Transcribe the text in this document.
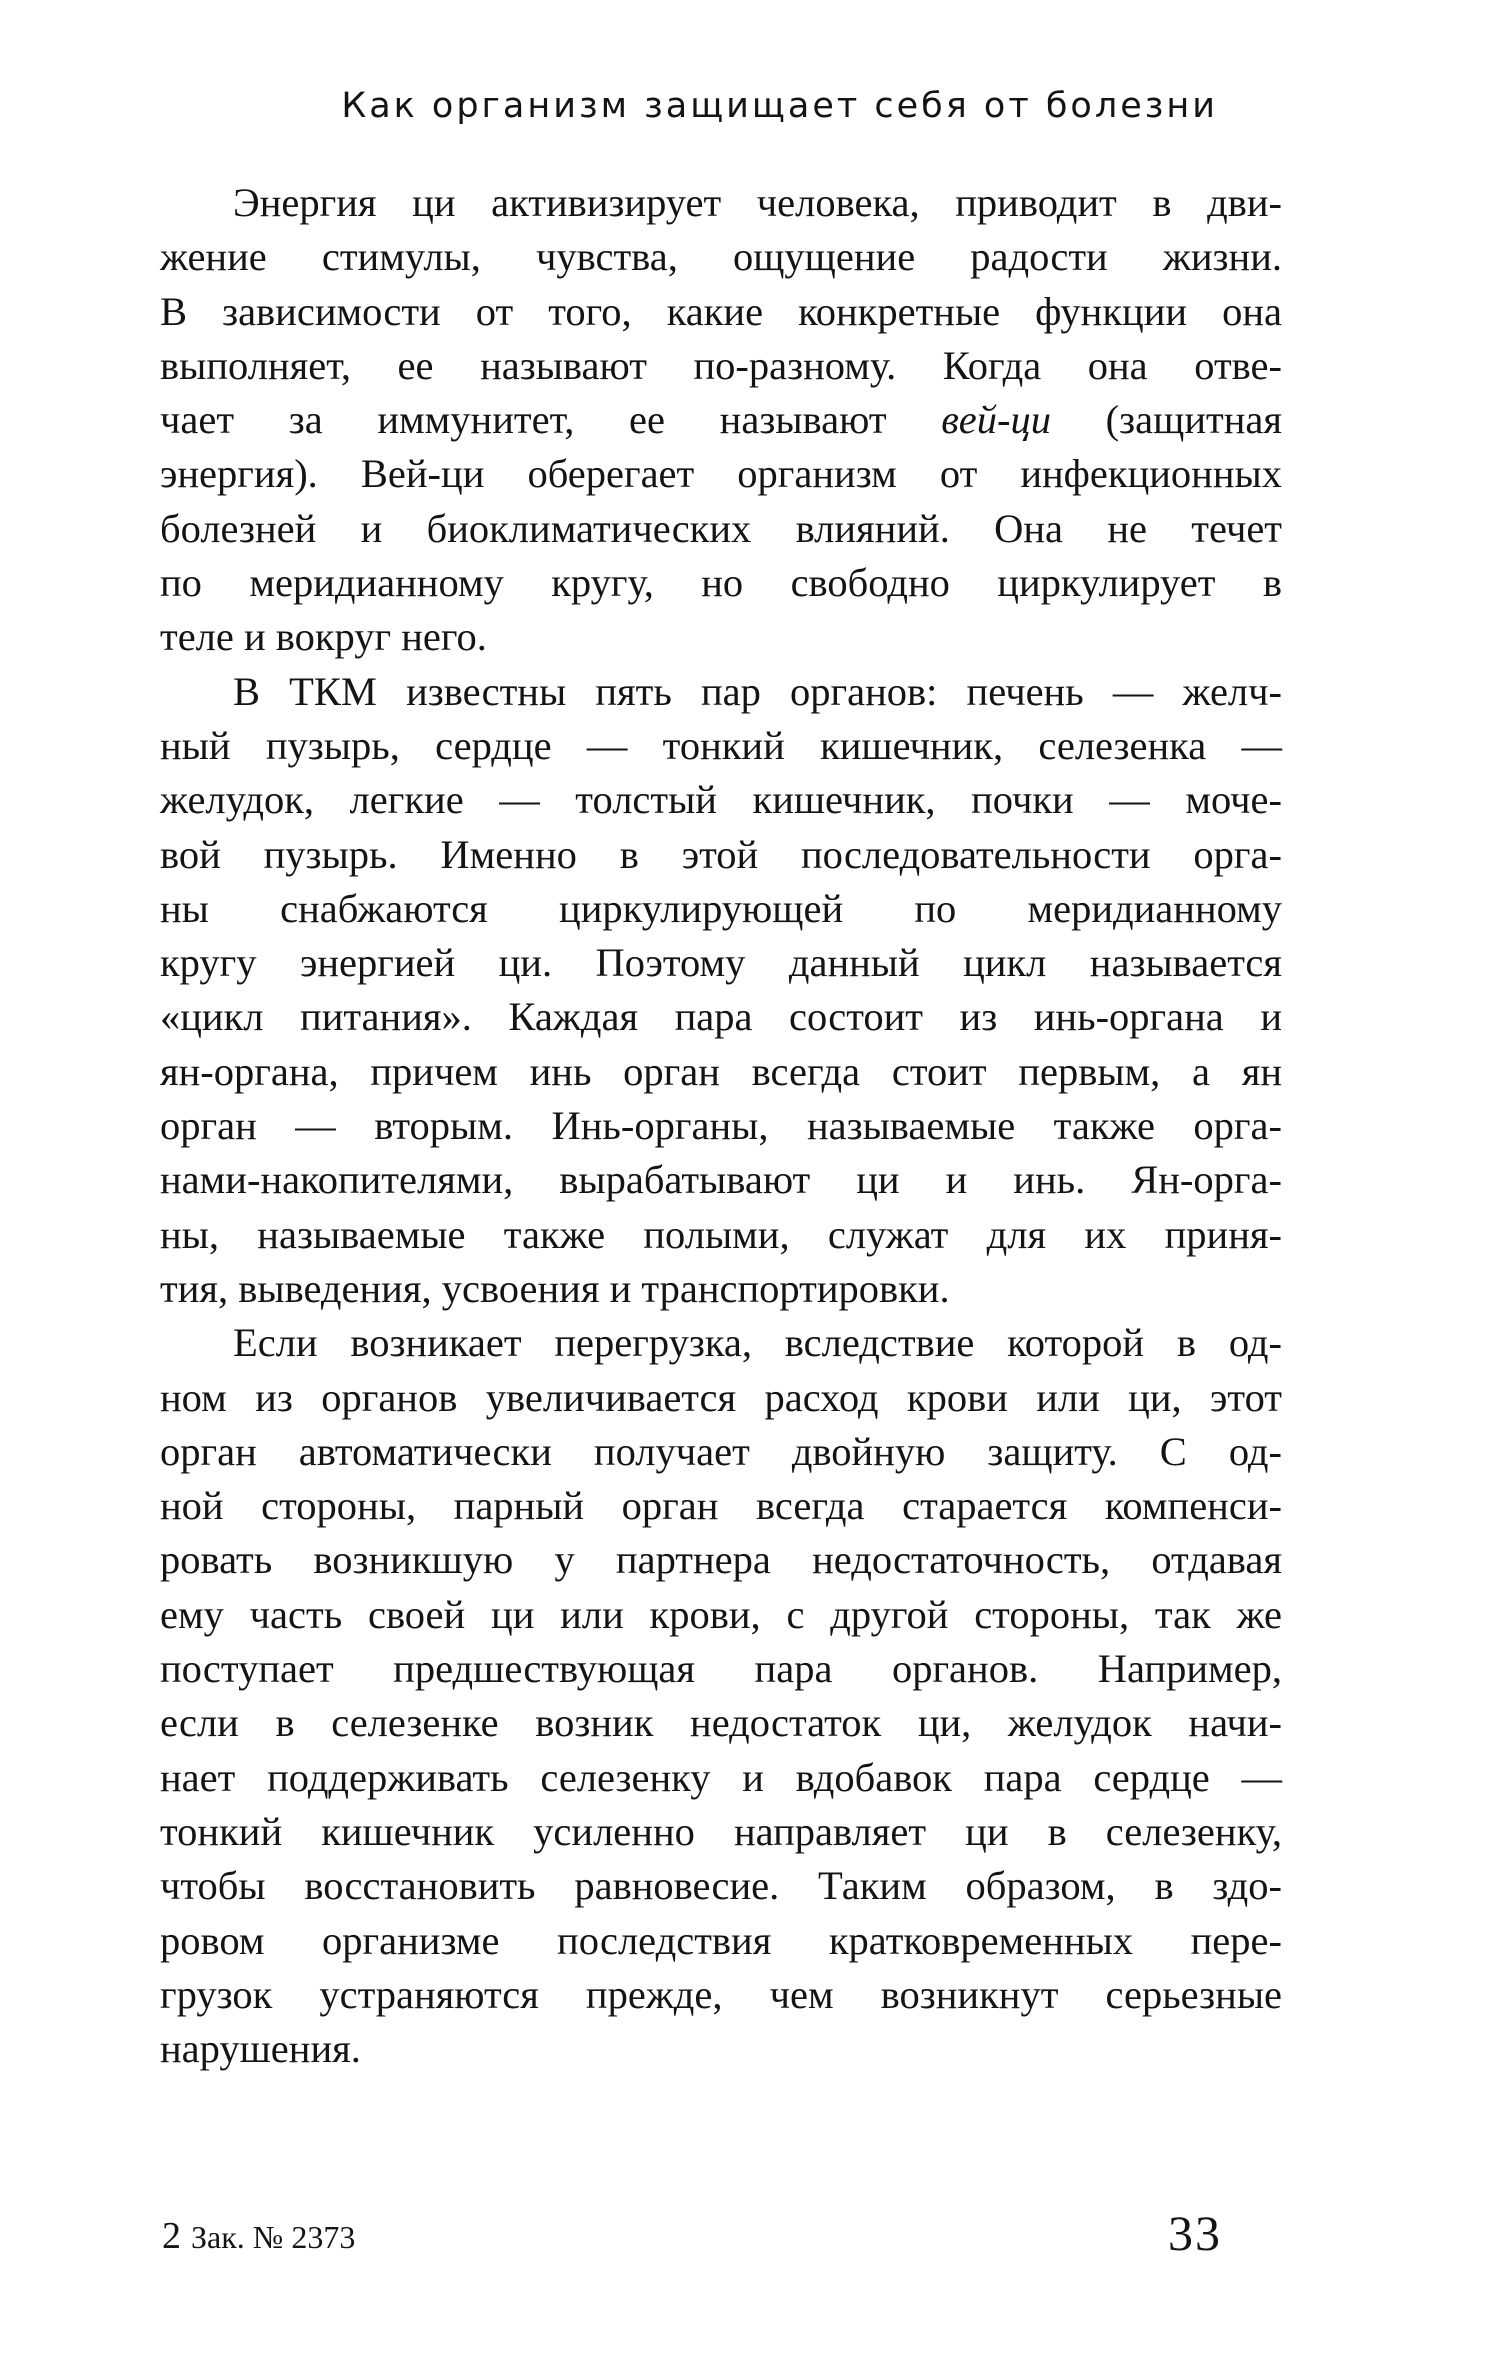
Как организм защищает себя от болезни
Энергия ци активизирует человека, приводит в дви-
жение стимулы, чувства, ощущение радости жизни.
В зависимости от того, какие конкретные функции она
выполняет, ее называют по-разному. Когда она отве-
чает за иммунитет, ее называют вей-ци (защитная
энергия). Вей-ци оберегает организм от инфекционных
болезней и биоклиматических влияний. Она не течет
по меридианному кругу, но свободно циркулирует в
теле и вокруг него.
В ТКМ известны пять пар органов: печень — желч-
ный пузырь, сердце — тонкий кишечник, селезенка —
желудок, легкие — толстый кишечник, почки — моче-
вой пузырь. Именно в этой последовательности орга-
ны снабжаются циркулирующей по меридианному
кругу энергией ци. Поэтому данный цикл называется
«цикл питания». Каждая пара состоит из инь-органа и
ян-органа, причем инь орган всегда стоит первым, а ян
орган — вторым. Инь-органы, называемые также орга-
нами-накопителями, вырабатывают ци и инь. Ян-орга-
ны, называемые также полыми, служат для их приня-
тия, выведения, усвоения и транспортировки.
Если возникает перегрузка, вследствие которой в од-
ном из органов увеличивается расход крови или ци, этот
орган автоматически получает двойную защиту. С од-
ной стороны, парный орган всегда старается компенси-
ровать возникшую у партнера недостаточность, отдавая
ему часть своей ци или крови, с другой стороны, так же
поступает предшествующая пара органов. Например,
если в селезенке возник недостаток ци, желудок начи-
нает поддерживать селезенку и вдобавок пара сердце —
тонкий кишечник усиленно направляет ци в селезенку,
чтобы восстановить равновесие. Таким образом, в здо-
ровом организме последствия кратковременных пере-
грузок устраняются прежде, чем возникнут серьезные
нарушения.
2 Зак. № 2373	33
